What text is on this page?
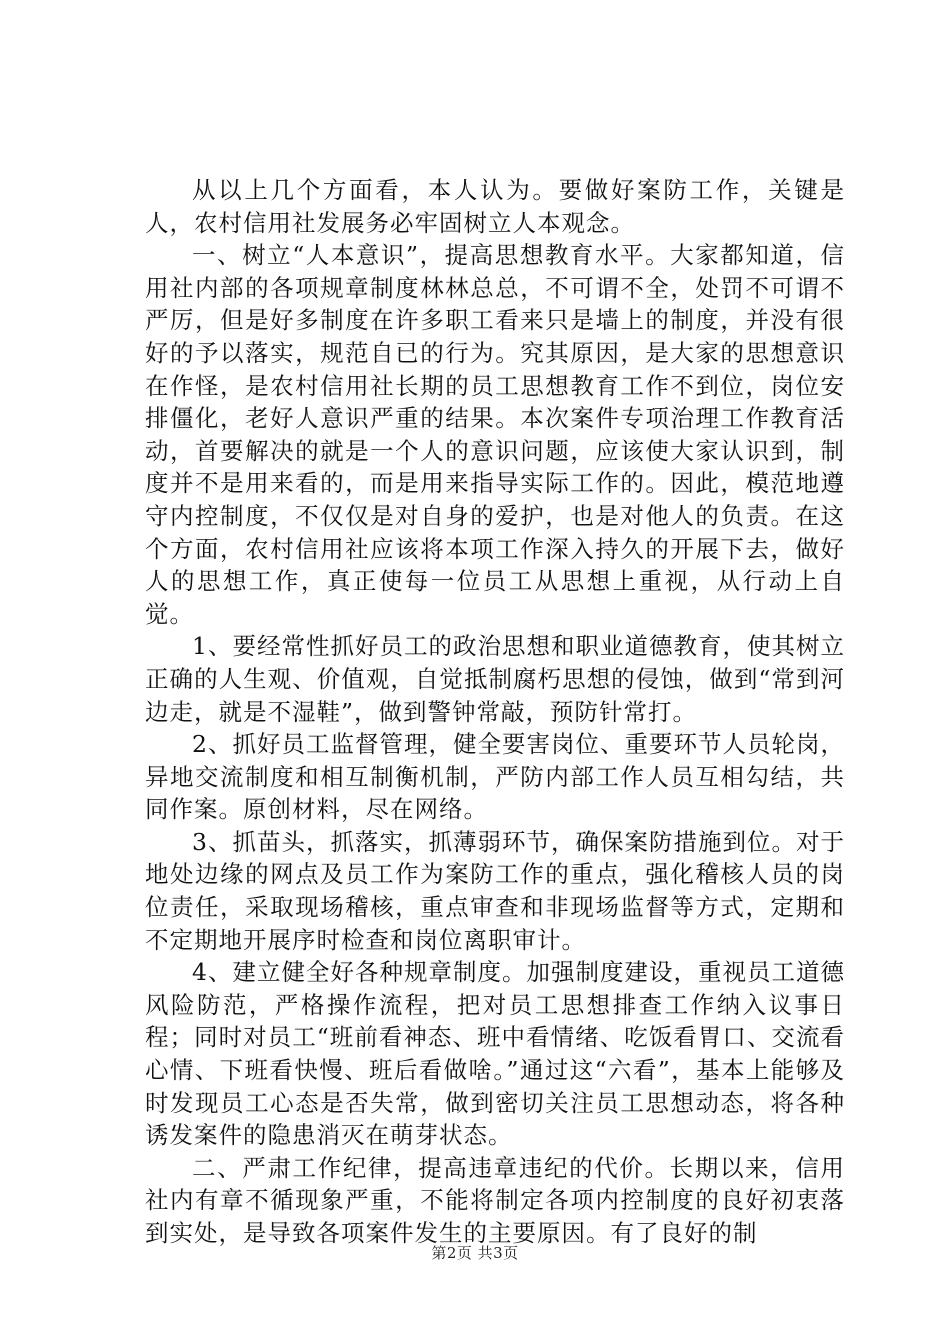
从以上几个方面看，本人认为。要做好案防工作，关键是人，农村信用社发展务必牢固树立人本观念。

一、树立“人本意识”，提高思想教育水平。大家都知道，信用社内部的各项规章制度林林总总，不可谓不全，处罚不可谓不严厉，但是好多制度在许多职工看来只是墙上的制度，并没有很好的予以落实，规范自已的行为。究其原因，是大家的思想意识在作怪，是农村信用社长期的员工思想教育工作不到位，岗位安排僵化，老好人意识严重的结果。本次案件专项治理工作教育活动，首要解决的就是一个人的意识问题，应该使大家认识到，制度并不是用来看的，而是用来指导实际工作的。因此，模范地遵守内控制度，不仅仅是对自身的爱护，也是对他人的负责。在这个方面，农村信用社应该将本项工作深入持久的开展下去，做好人的思想工作，真正使每一位员工从思想上重视，从行动上自觉。

1、要经常性抓好员工的政治思想和职业道德教育，使其树立正确的人生观、价值观，自觉抵制腐朽思想的侵蚀，做到“常到河边走，就是不湿鞋”，做到警钟常敲，预防针常打。

2、抓好员工监督管理，健全要害岗位、重要环节人员轮岗，异地交流制度和相互制衡机制，严防内部工作人员互相勾结，共同作案。原创材料，尽在网络。

3、抓苗头，抓落实，抓薄弱环节，确保案防措施到位。对于地处边缘的网点及员工作为案防工作的重点，强化稽核人员的岗位责任，采取现场稽核，重点审查和非现场监督等方式，定期和不定期地开展序时检查和岗位离职审计。

4、建立健全好各种规章制度。加强制度建设，重视员工道德风险防范，严格操作流程，把对员工思想排查工作纳入议事日程；同时对员工“班前看神态、班中看情绪、吃饭看胃口、交流看心情、下班看快慢、班后看做啥。”通过这“六看”，基本上能够及时发现员工心态是否失常，做到密切关注员工思想动态，将各种诱发案件的隐患消灭在萌芽状态。

二、严肃工作纪律，提高违章违纪的代价。长期以来，信用社内有章不循现象严重，不能将制定各项内控制度的良好初衷落到实处，是导致各项案件发生的主要原因。有了良好的制

第2页 共3页
